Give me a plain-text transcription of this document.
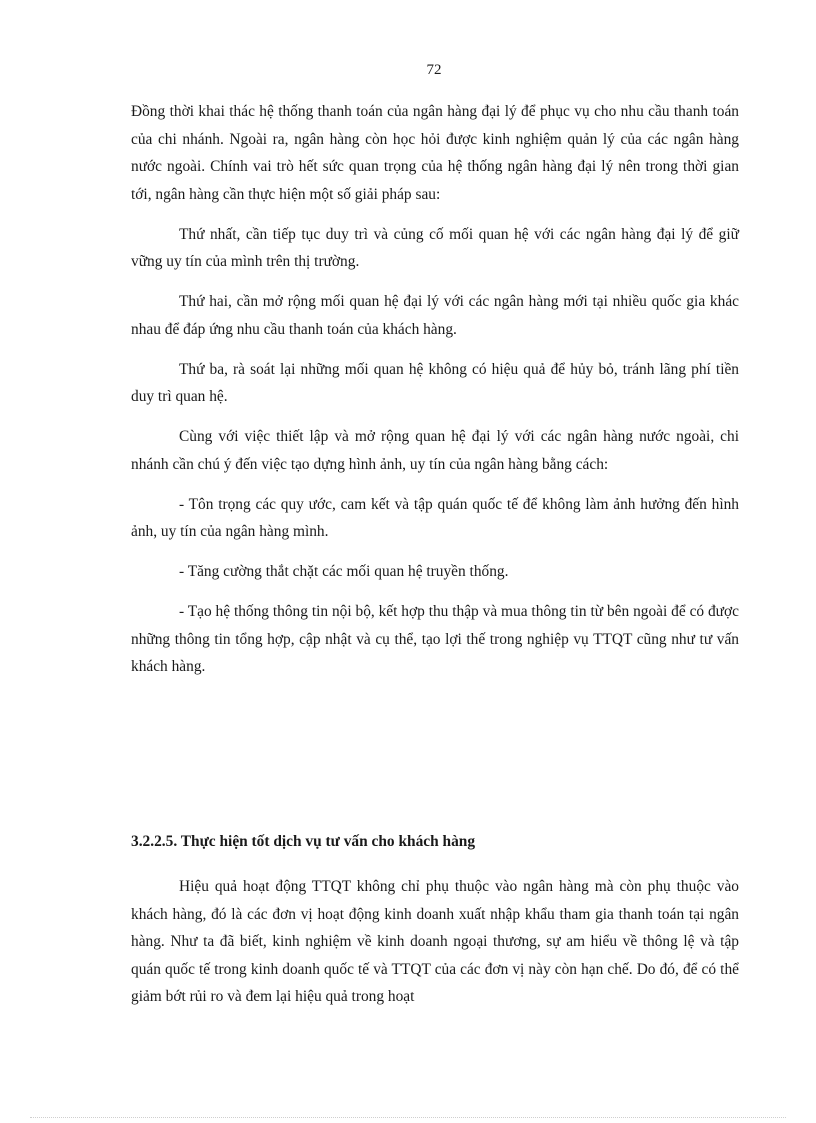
72

Đồng thời khai thác hệ thống thanh toán của ngân hàng đại lý để phục vụ cho nhu cầu thanh toán của chi nhánh. Ngoài ra, ngân hàng còn học hỏi được kinh nghiệm quản lý của các ngân hàng nước ngoài. Chính vai trò hết sức quan trọng của hệ thống ngân hàng đại lý nên trong thời gian tới, ngân hàng cần thực hiện một số giải pháp sau:

Thứ nhất, cần tiếp tục duy trì và củng cố mối quan hệ với các ngân hàng đại lý để giữ vững uy tín của mình trên thị trường.

Thứ hai, cần mở rộng mối quan hệ đại lý với các ngân hàng mới tại nhiều quốc gia khác nhau để đáp ứng nhu cầu thanh toán của khách hàng.

Thứ ba, rà soát lại những mối quan hệ không có hiệu quả để hủy bỏ, tránh lãng phí tiền duy trì quan hệ.

Cùng với việc thiết lập và mở rộng quan hệ đại lý với các ngân hàng nước ngoài, chi nhánh cần chú ý đến việc tạo dựng hình ảnh, uy tín của ngân hàng bằng cách:

- Tôn trọng các quy ước, cam kết và tập quán quốc tế để không làm ảnh hưởng đến hình ảnh, uy tín của ngân hàng mình.

- Tăng cường thắt chặt các mối quan hệ truyền thống.

- Tạo hệ thống thông tin nội bộ, kết hợp thu thập và mua thông tin từ bên ngoài để có được những thông tin tổng hợp, cập nhật và cụ thể, tạo lợi thế trong nghiệp vụ TTQT cũng như tư vấn khách hàng.

3.2.2.5. Thực hiện tốt dịch vụ tư vấn cho khách hàng

Hiệu quả hoạt động TTQT không chỉ phụ thuộc vào ngân hàng mà còn phụ thuộc vào khách hàng, đó là các đơn vị hoạt động kinh doanh xuất nhập khẩu tham gia thanh toán tại ngân hàng. Như ta đã biết, kinh nghiệm về kinh doanh ngoại thương, sự am hiểu về thông lệ và tập quán quốc tế trong kinh doanh quốc tế và TTQT của các đơn vị này còn hạn chế. Do đó, để có thể giảm bớt rủi ro và đem lại hiệu quả trong hoạt
